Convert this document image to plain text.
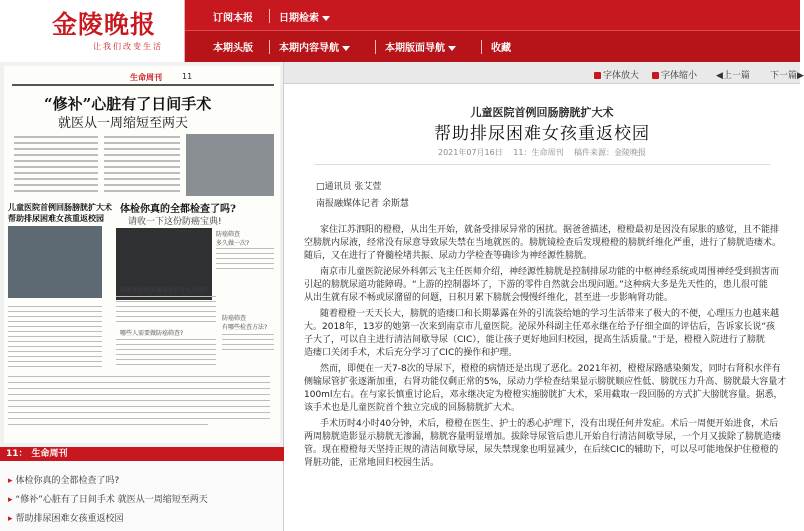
金陵晚报
让我们改变生活
订阅本报	日期检索
本期头版	本期内容导航	本期版面导航	收藏
生命周刊	11
“修补”心脏有了日间手术
就医从一周缩短至两天
儿童医院首例回肠膀胱扩大术
帮助排尿困难女孩重返校园
体检你真的全都检查了吗?
请收一下这份防癌宝典!
防癌筛查
多久做一次?
防癌体检和普通体检有什么区别?
哪些人需要做防癌筛查?
防癌筛查
有哪些检查方法?
11： 生命周刊
▸ 体检你真的全都检查了吗?
▸ “修补”心脏有了日间手术 就医从一周缩短至两天
▸ 帮助排尿困难女孩重返校园
字体放大	字体缩小 ◀上一篇 下一篇▶
儿童医院首例回肠膀胱扩大术
帮助排尿困难女孩重返校园
2021年07月16日 11：生命周刊 稿件来源：金陵晚报
□通讯员 张艾萱
南报融媒体记者 余斯慧
家住江苏泗阳的橙橙，从出生开始，就备受排尿异常的困扰。据爸爸描述，橙橙最初是因没有尿胀的感觉，且不能排
空膀胱内尿液，经常没有尿意导致尿失禁在当地就医的。膀胱镜检查后发现橙橙的膀胱纤维化严重，进行了膀胱造瘘术。
随后，又在进行了脊髓栓堵共振、尿动力学检查等确诊为神经源性膀胱。
南京市儿童医院泌尿外科郭云飞主任医师介绍，神经源性膀胱是控制排尿功能的中枢神经系统或周围神经受到损害而
引起的膀胱尿道功能障碍。“上游的控制器坏了，下游的零件自然就会出现问题。”这种病大多是先天性的，患儿很可能
从出生就有尿不畅或尿潴留的问题，日积月累下膀胱会慢慢纤维化，甚至进一步影响肾功能。
随着橙橙一天天长大，膀胱的造瘘口和长期暴露在外的引流袋给她的学习生活带来了极大的不便，心理压力也越来越
大。2018年，13岁的她第一次来到南京市儿童医院。泌尿外科副主任邓永继在给予仔细全面的评估后，告诉家长说“孩
子大了，可以自主进行清洁间歇导尿（CIC），能让孩子更好地回归校园，提高生活质量。”于是，橙橙入院进行了膀胱
造瘘口关闭手术，术后充分学习了CIC的操作和护理。
然而，即便在一天7-8次的导尿下，橙橙的病情还是出现了恶化。2021年初，橙橙尿路感染频发，同时右肾积水伴有
侧输尿管扩张逐渐加重，右肾功能仅剩正常的5%，尿动力学检查结果显示膀胱顺应性低、膀胱压力升高、膀胱最大容量才
100ml左右。在与家长慎重讨论后，邓永继决定为橙橙实施膀胱扩大术，采用截取一段回肠的方式扩大膀胱容量。据悉，
该手术也是儿童医院首个独立完成的回肠膀胱扩大术。
手术历时4小时40分钟，术后，橙橙在医生、护士的悉心护理下，没有出现任何并发症。术后一周便开始进食，术后
两周膀胱造影显示膀胱无渗漏，膀胱容量明显增加。拔除导尿管后患儿开始自行清洁间歇导尿，一个月又拔除了膀胱造瘘
管。现在橙橙每天坚持正规的清洁间歇导尿，尿失禁现象也明显减少，在后续CIC的辅助下，可以尽可能地保护住橙橙的
肾脏功能，正常地回归校园生活。
